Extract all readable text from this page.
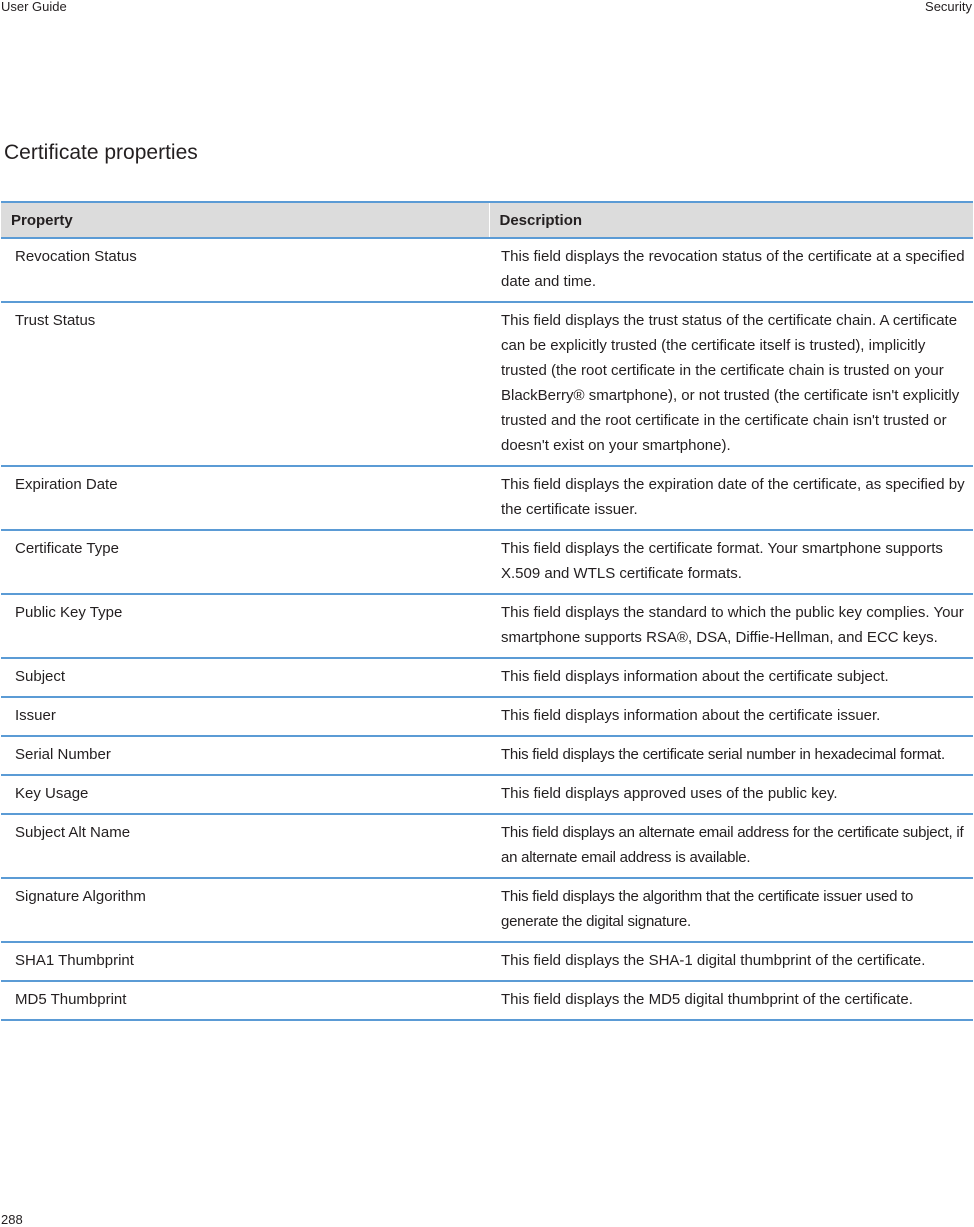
User Guide	Security
Certificate properties
Property	Description
Revocation Status	This field displays the revocation status of the certificate at a specified date and time.
Trust Status	This field displays the trust status of the certificate chain. A certificate can be explicitly trusted (the certificate itself is trusted), implicitly trusted (the root certificate in the certificate chain is trusted on your BlackBerry® smartphone), or not trusted (the certificate isn't explicitly trusted and the root certificate in the certificate chain isn't trusted or doesn't exist on your smartphone).
Expiration Date	This field displays the expiration date of the certificate, as specified by the certificate issuer.
Certificate Type	This field displays the certificate format. Your smartphone supports X.509 and WTLS certificate formats.
Public Key Type	This field displays the standard to which the public key complies. Your smartphone supports RSA®, DSA, Diffie-Hellman, and ECC keys.
Subject	This field displays information about the certificate subject.
Issuer	This field displays information about the certificate issuer.
Serial Number	This field displays the certificate serial number in hexadecimal format.
Key Usage	This field displays approved uses of the public key.
Subject Alt Name	This field displays an alternate email address for the certificate subject, if an alternate email address is available.
Signature Algorithm	This field displays the algorithm that the certificate issuer used to generate the digital signature.
SHA1 Thumbprint	This field displays the SHA-1 digital thumbprint of the certificate.
MD5 Thumbprint	This field displays the MD5 digital thumbprint of the certificate.
288
